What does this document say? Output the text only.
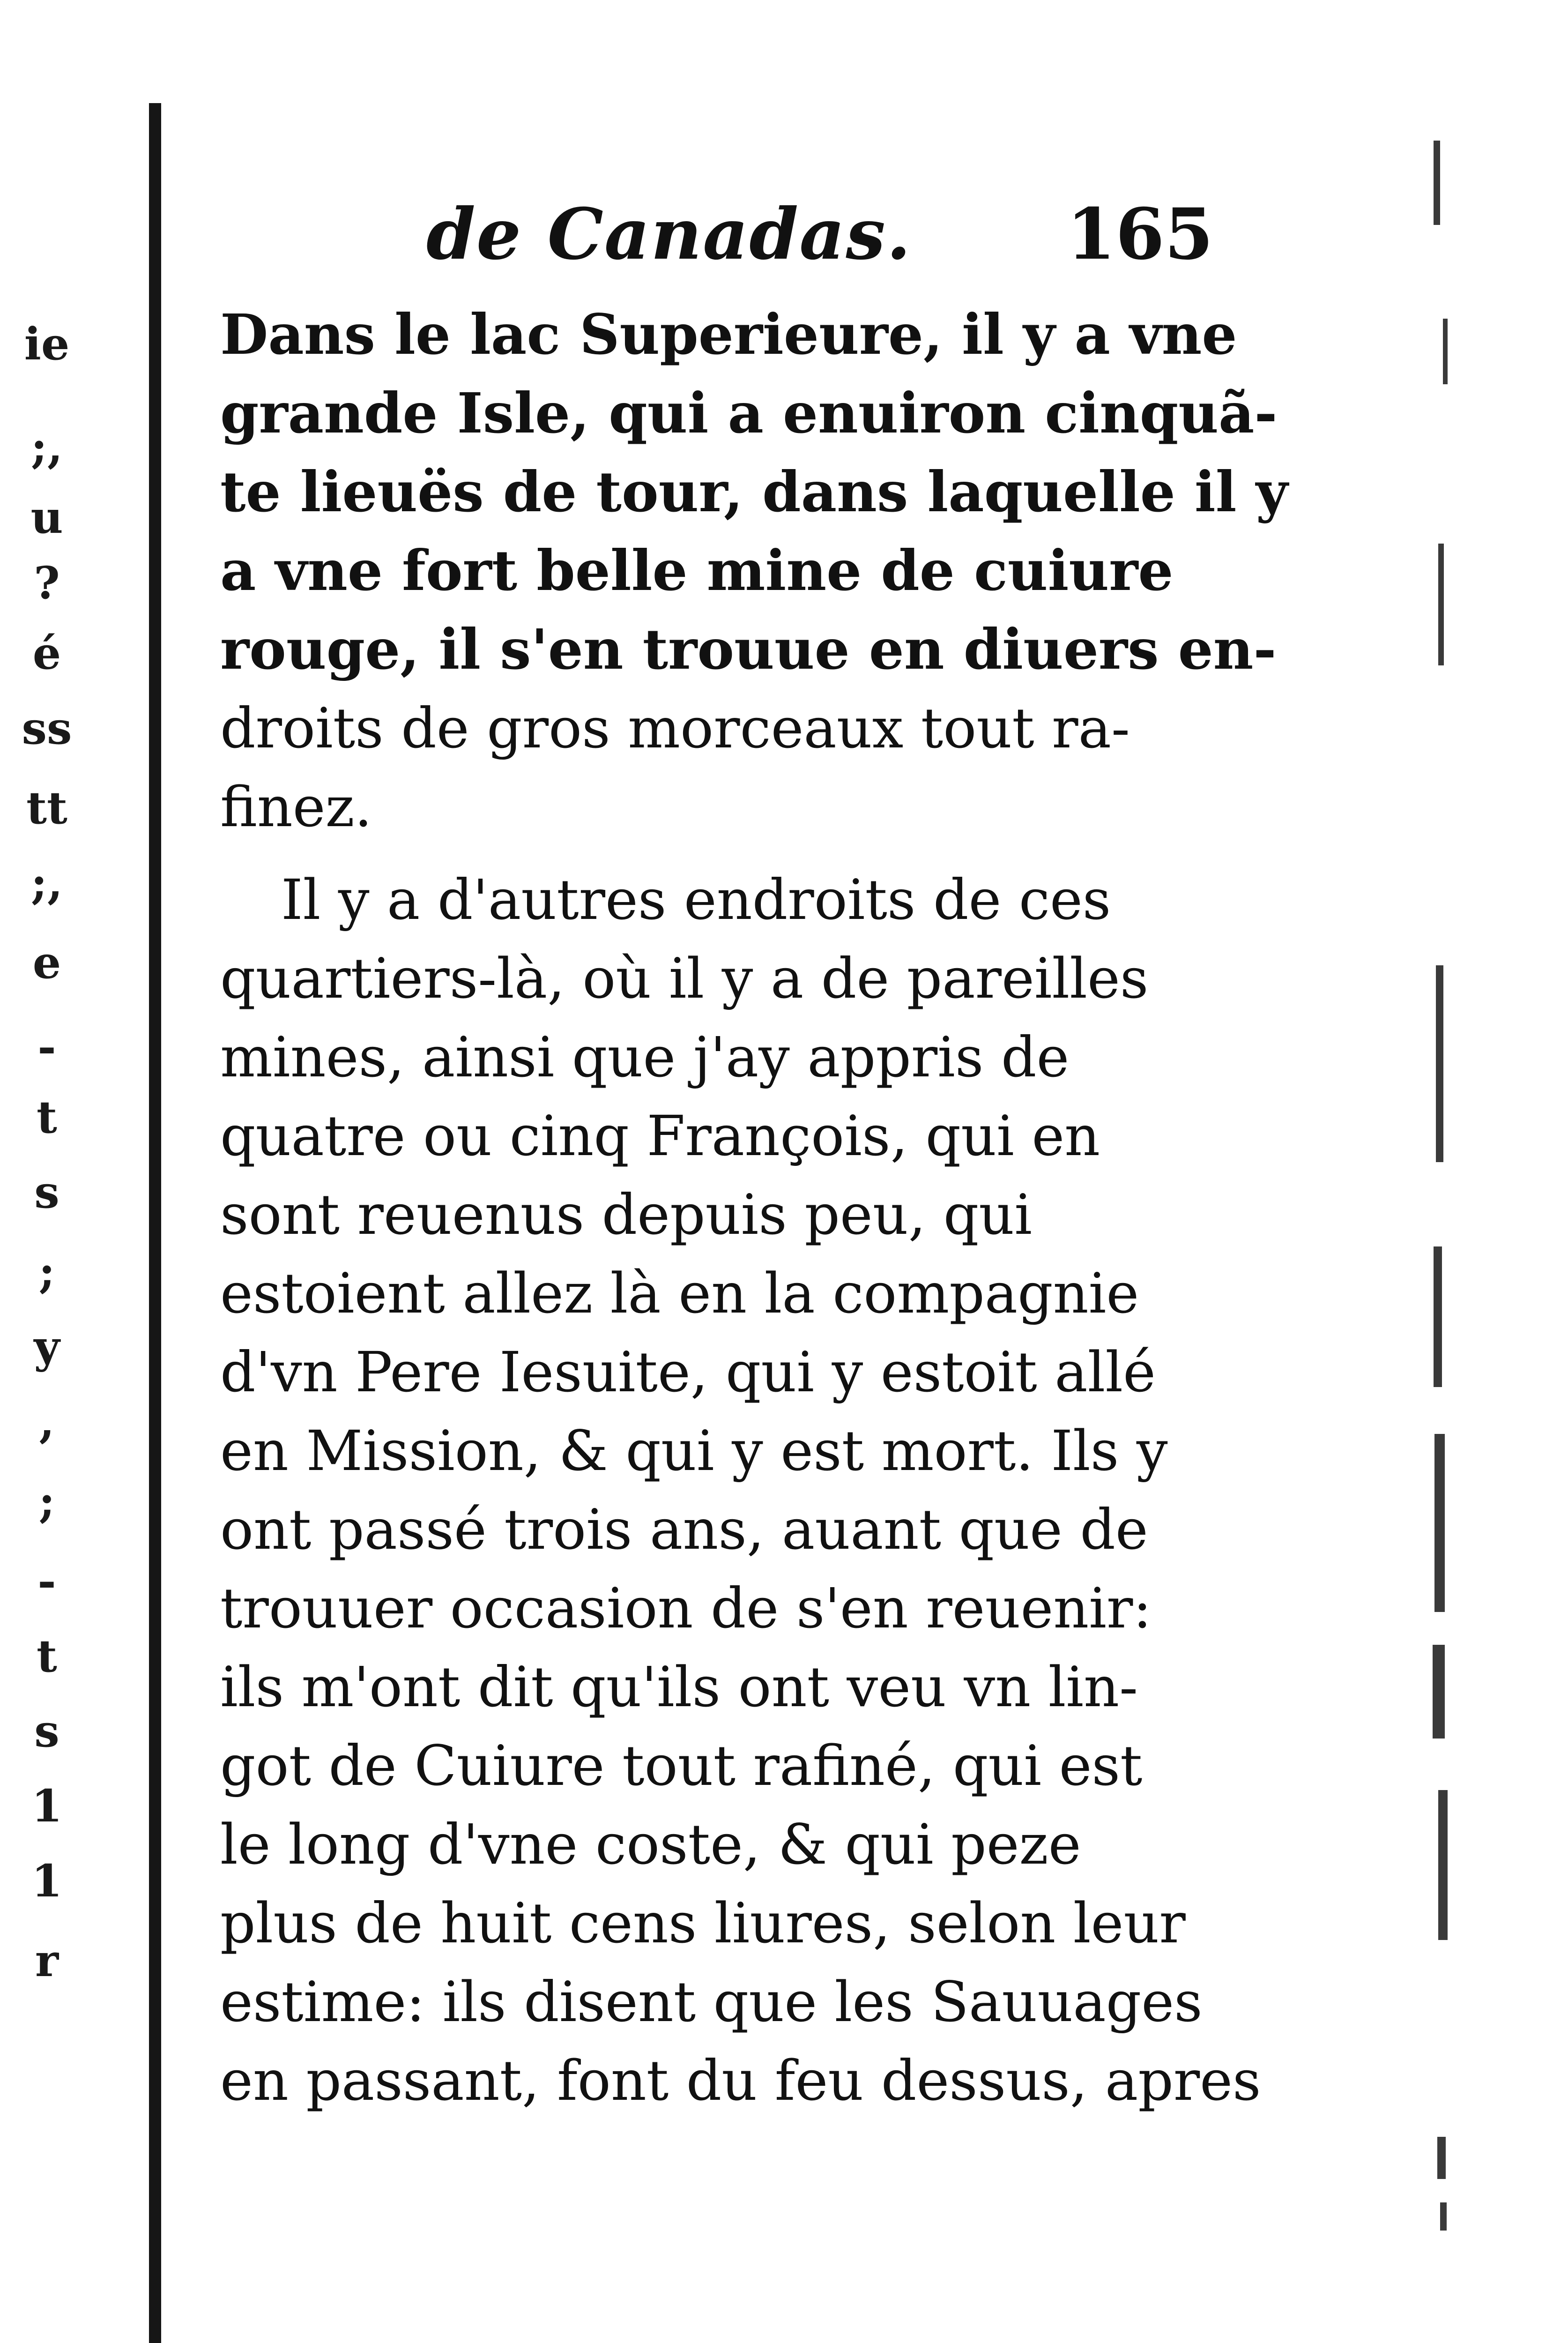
ie
;,
u
?
é
ss
tt
;,
e
-
t
s
;
y
,
;
-
t
s
1
1
r
de Canadas. 165
Dans le lac Superieure, il y a vne
grande Isle, qui a enuiron cinquã-
te lieuës de tour, dans laquelle il y
a vne fort belle mine de cuiure
rouge, il s'en trouue en diuers en-
droits de gros morceaux tout ra-
finez.
Il y a d'autres endroits de ces
quartiers-là, où il y a de pareilles
mines, ainsi que j'ay appris de
quatre ou cinq François, qui en
sont reuenus depuis peu, qui
estoient allez là en la compagnie
d'vn Pere Iesuite, qui y estoit allé
en Mission, & qui y est mort. Ils y
ont passé trois ans, auant que de
trouuer occasion de s'en reuenir:
ils m'ont dit qu'ils ont veu vn lin-
got de Cuiure tout rafiné, qui est
le long d'vne coste, & qui peze
plus de huit cens liures, selon leur
estime: ils disent que les Sauuages
en passant, font du feu dessus, apres
